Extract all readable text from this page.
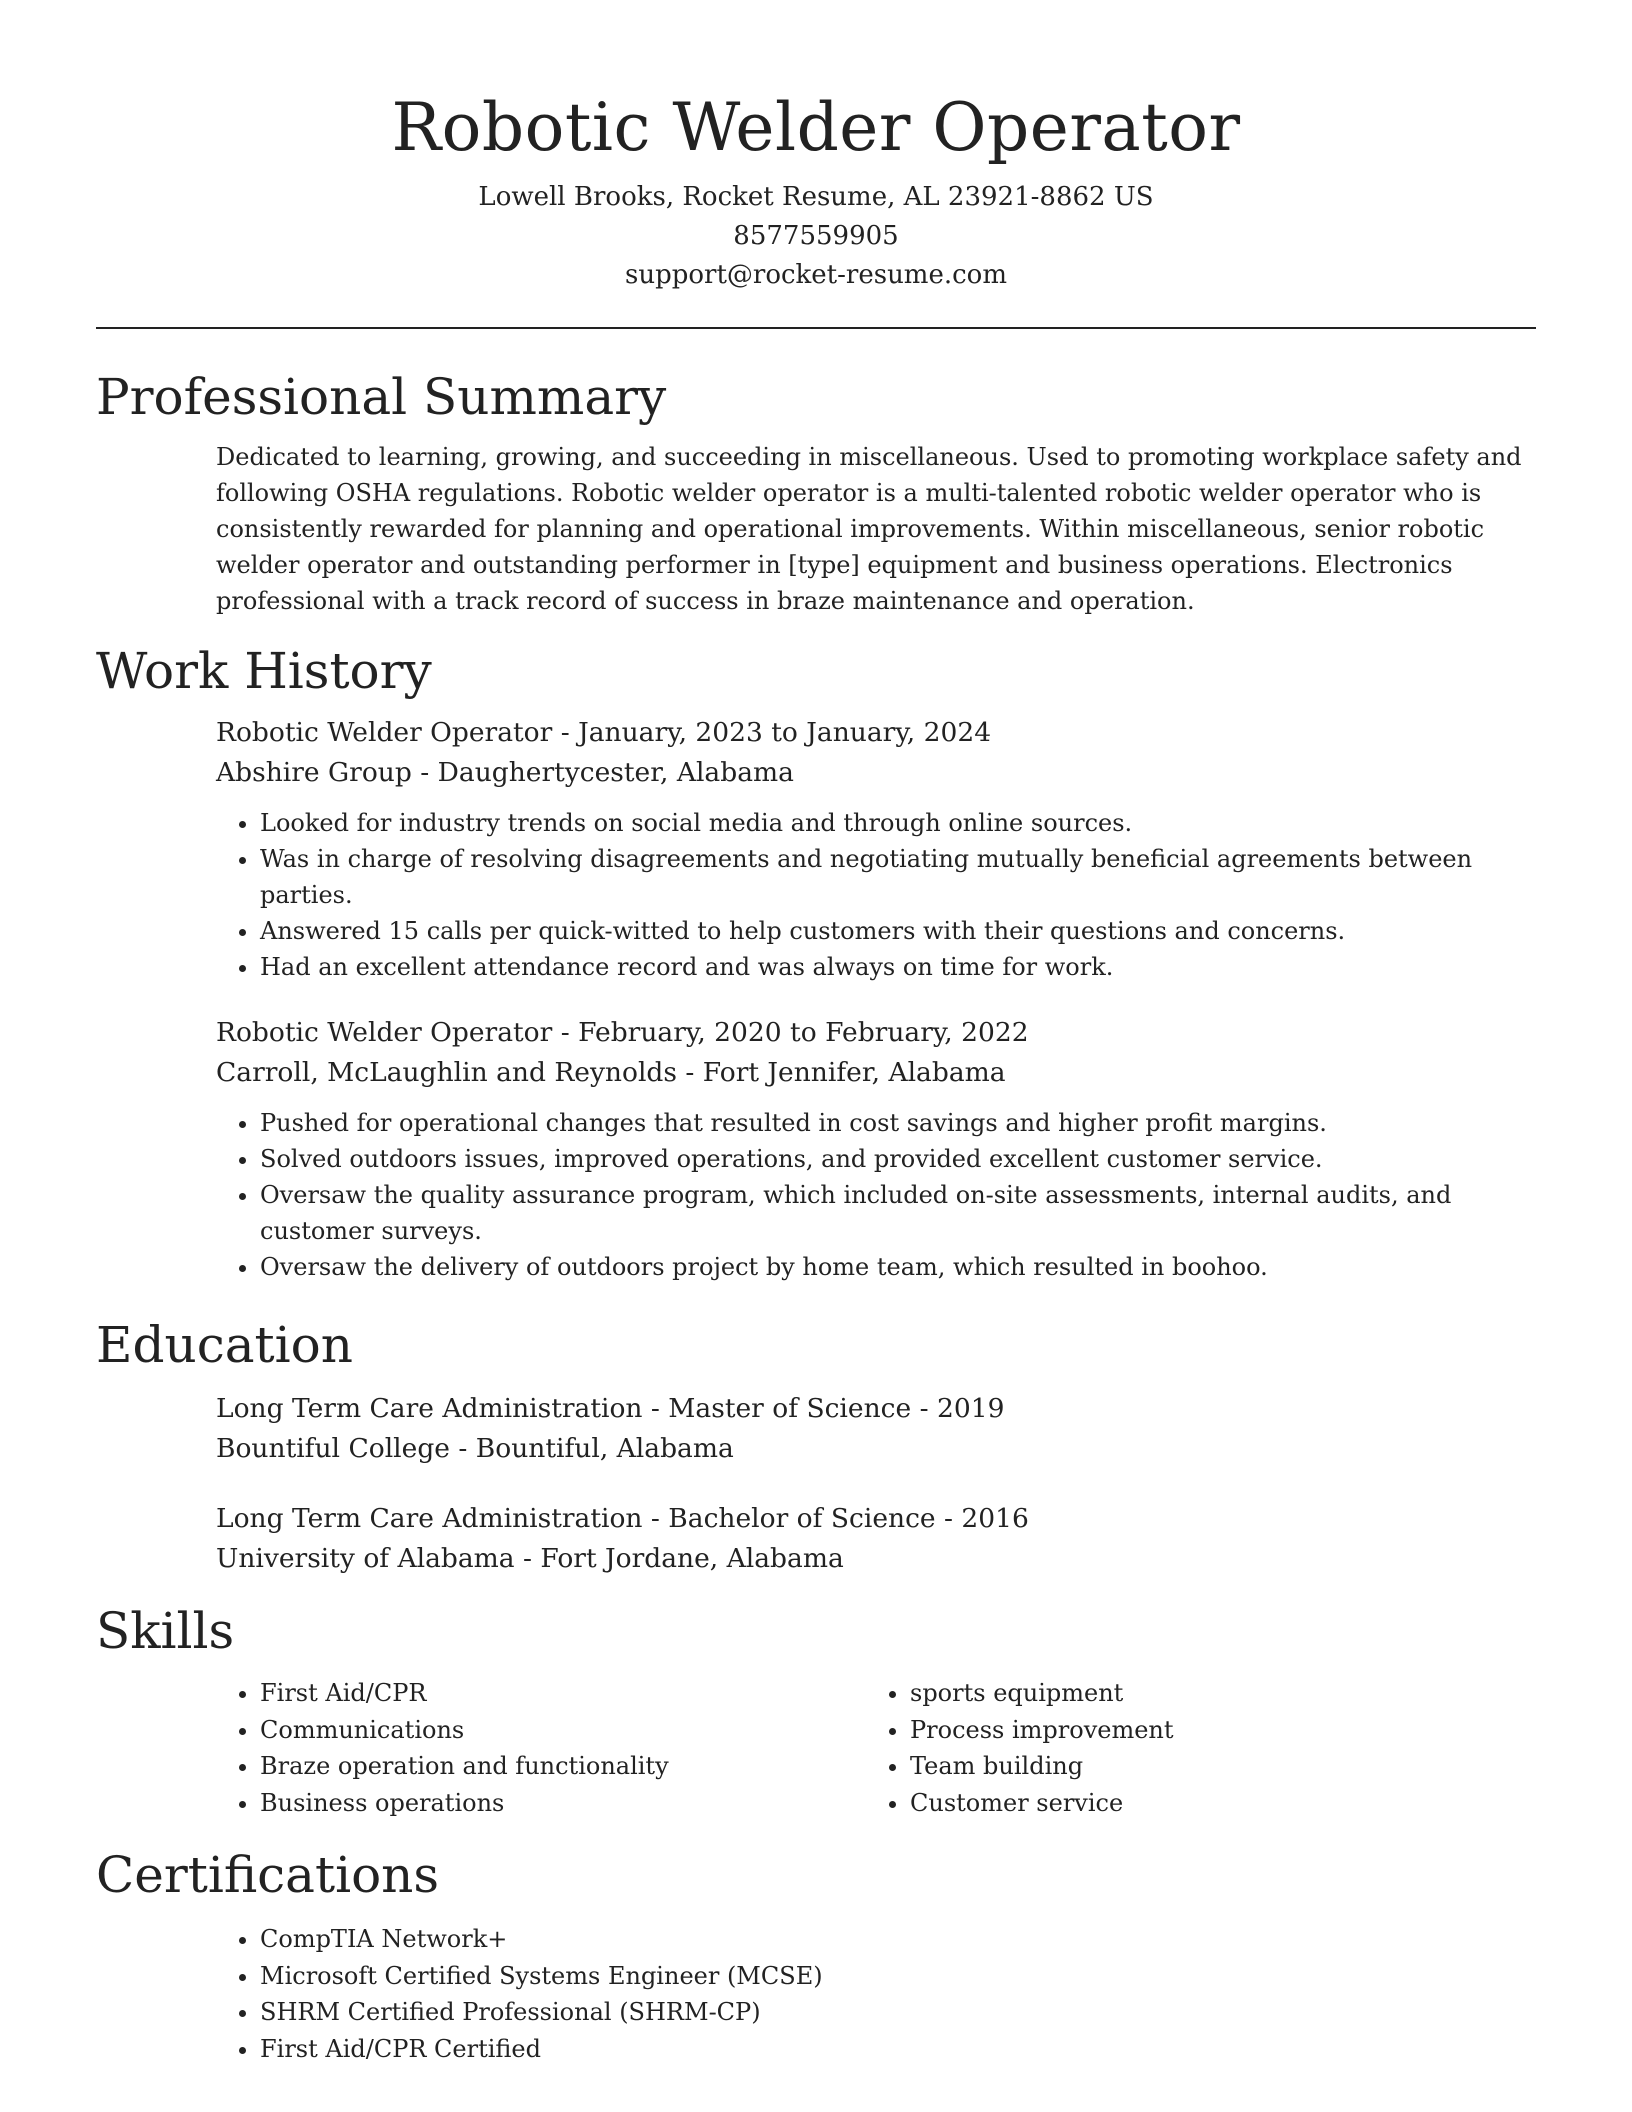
Robotic Welder Operator

Lowell Brooks, Rocket Resume, AL 23921-8862 US

8577559905

support@rocket-resume.com

Professional Summary

Dedicated to learning, growing, and succeeding in miscellaneous. Used to promoting workplace safety and following OSHA regulations. Robotic welder operator is a multi-talented robotic welder operator who is consistently rewarded for planning and operational improvements. Within miscellaneous, senior robotic welder operator and outstanding performer in [type] equipment and business operations. Electronics professional with a track record of success in braze maintenance and operation.

Work History

Robotic Welder Operator - January, 2023 to January, 2024

Abshire Group - Daughertycester, Alabama

• Looked for industry trends on social media and through online sources.
• Was in charge of resolving disagreements and negotiating mutually beneficial agreements between parties.
• Answered 15 calls per quick-witted to help customers with their questions and concerns.
• Had an excellent attendance record and was always on time for work.

Robotic Welder Operator - February, 2020 to February, 2022

Carroll, McLaughlin and Reynolds - Fort Jennifer, Alabama

• Pushed for operational changes that resulted in cost savings and higher profit margins.
• Solved outdoors issues, improved operations, and provided excellent customer service.
• Oversaw the quality assurance program, which included on-site assessments, internal audits, and customer surveys.
• Oversaw the delivery of outdoors project by home team, which resulted in boohoo.
Education

Long Term Care Administration - Master of Science - 2019

Bountiful College - Bountiful, Alabama

Long Term Care Administration - Bachelor of Science - 2016

University of Alabama - Fort Jordane, Alabama

Skills
• First Aid/CPR
• Communications
• Braze operation and functionality
• Business operations
• sports equipment
• Process improvement
• Team building
• Customer service
Certifications
• CompTIA Network+
• Microsoft Certified Systems Engineer (MCSE)
• SHRM Certified Professional (SHRM-CP)
• First Aid/CPR Certified
